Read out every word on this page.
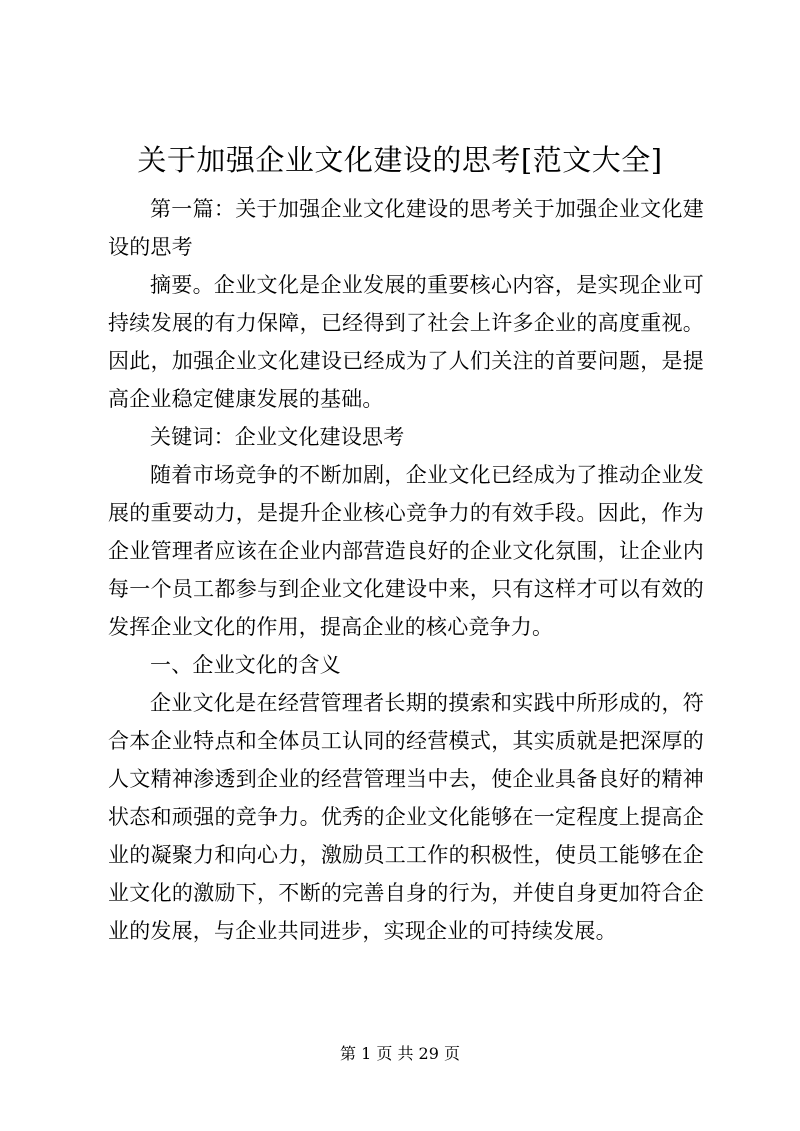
关于加强企业文化建设的思考[范文大全]

第一篇：关于加强企业文化建设的思考关于加强企业文化建设的思考

摘要。企业文化是企业发展的重要核心内容，是实现企业可持续发展的有力保障，已经得到了社会上许多企业的高度重视。因此，加强企业文化建设已经成为了人们关注的首要问题，是提高企业稳定健康发展的基础。

关键词：企业文化建设思考

随着市场竞争的不断加剧，企业文化已经成为了推动企业发展的重要动力，是提升企业核心竞争力的有效手段。因此，作为企业管理者应该在企业内部营造良好的企业文化氛围，让企业内每一个员工都参与到企业文化建设中来，只有这样才可以有效的发挥企业文化的作用，提高企业的核心竞争力。

一、企业文化的含义

企业文化是在经营管理者长期的摸索和实践中所形成的，符合本企业特点和全体员工认同的经营模式，其实质就是把深厚的人文精神渗透到企业的经营管理当中去，使企业具备良好的精神状态和顽强的竞争力。优秀的企业文化能够在一定程度上提高企业的凝聚力和向心力，激励员工工作的积极性，使员工能够在企业文化的激励下，不断的完善自身的行为，并使自身更加符合企业的发展，与企业共同进步，实现企业的可持续发展。

第 1 页 共 29 页
